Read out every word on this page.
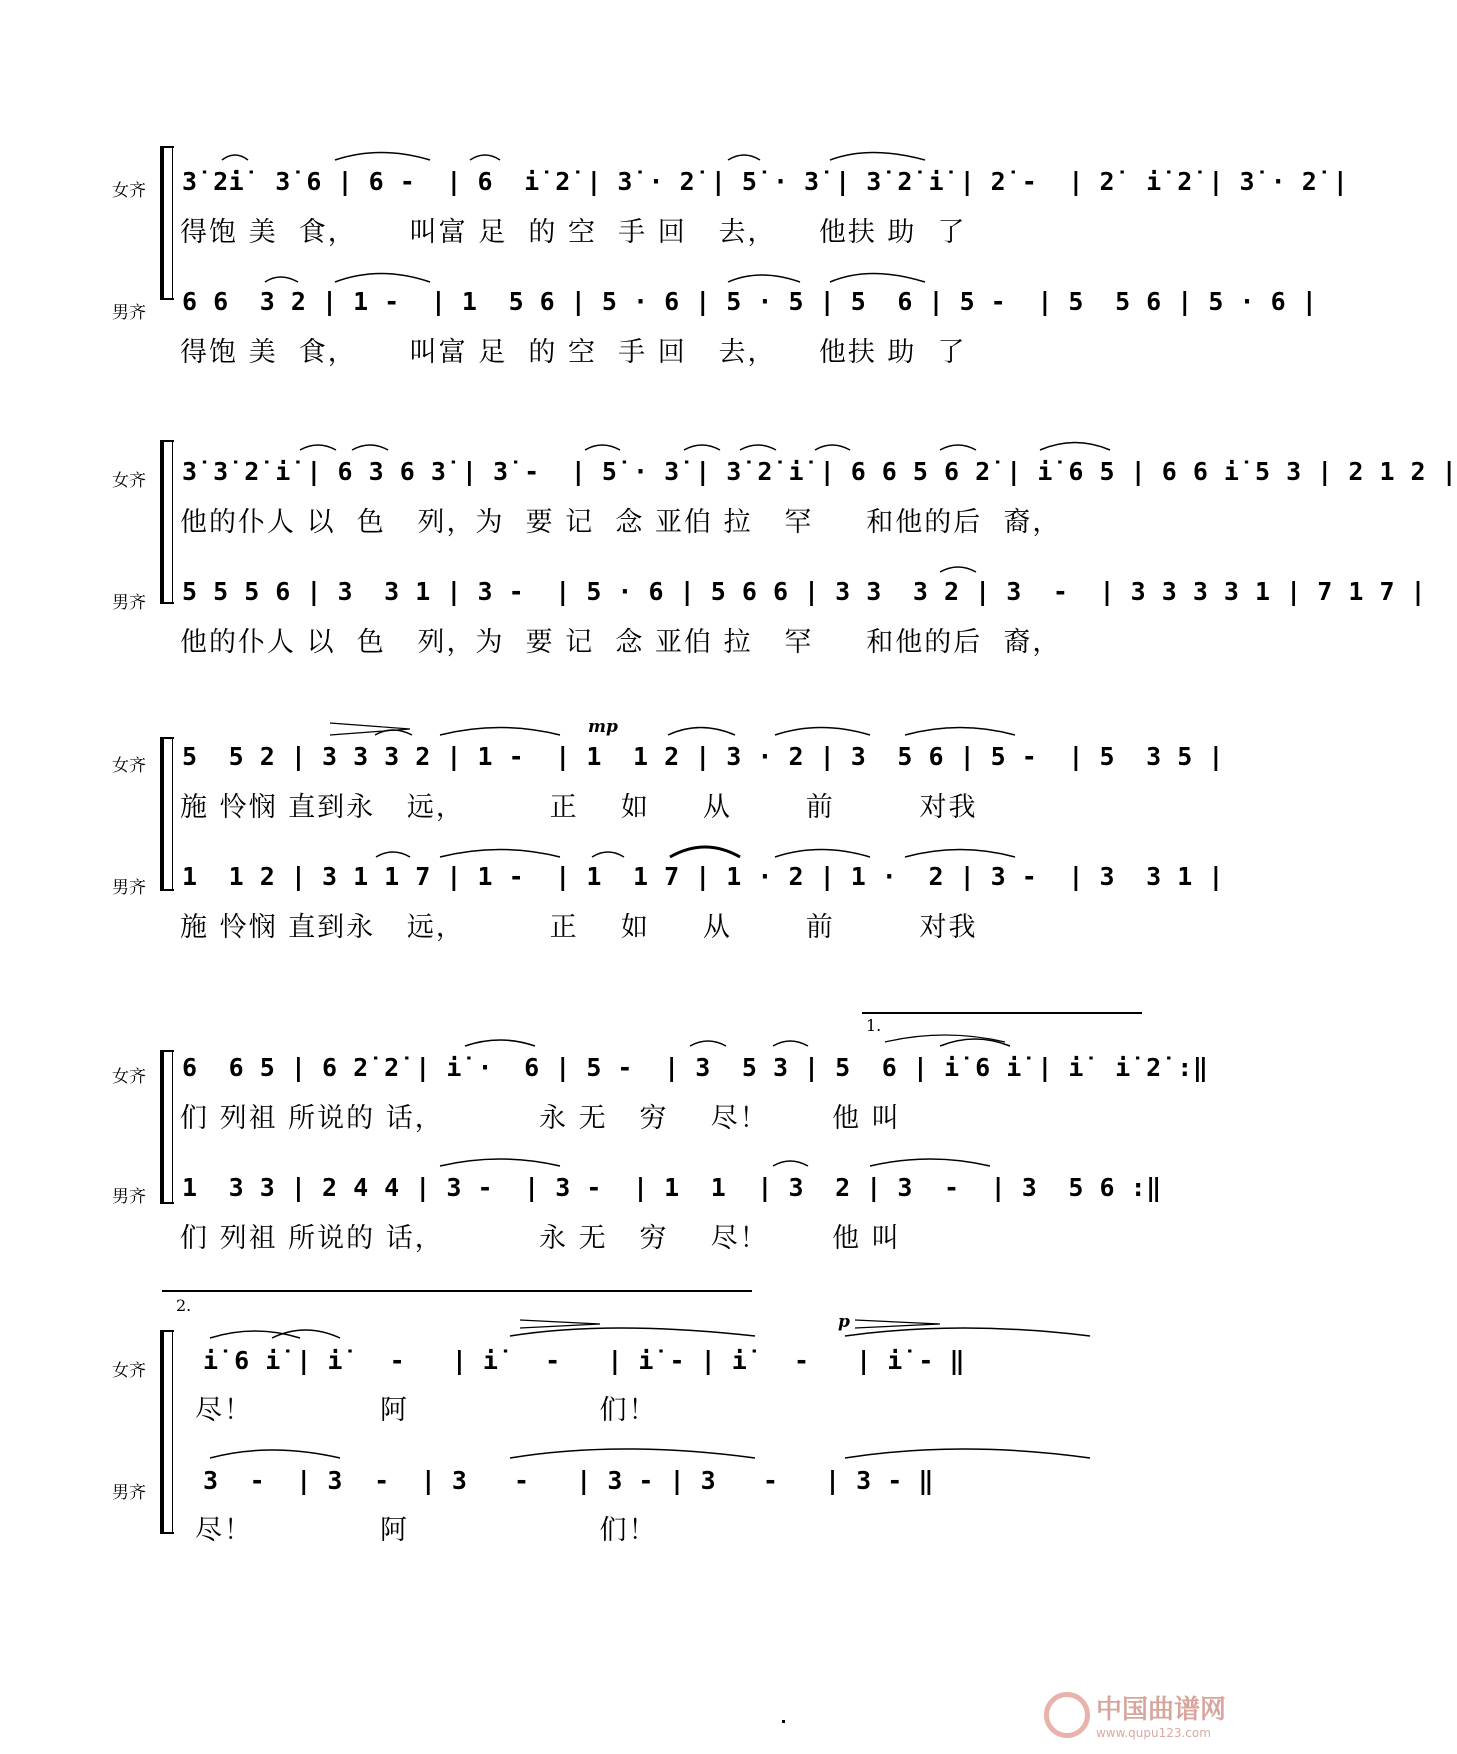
女齐 3̇ 2̇i̇  3̇ 6 | 6 -  | 6  i̇ 2̇ | 3̇ · 2̇ | 5̇ · 3̇ | 3̇ 2̇ i̇ | 2̇ -  | 2̇  i̇ 2̇ | 3̇ · 2̇ |
得饱 美  食，     叫富 足  的 空  手 回   去，    他扶 助  了
男齐 6 6  3 2 | 1 -  | 1  5 6 | 5 · 6 | 5 · 5 | 5  6 | 5 -  | 5  5 6 | 5 · 6 |
得饱 美  食，     叫富 足  的 空  手 回   去，    他扶 助  了
女齐 3̇ 3̇ 2̇ i̇ | 6 3 6 3̇ | 3̇ -  | 5̇ · 3̇ | 3̇ 2̇ i̇ | 6 6 5 6 2̇ | i̇ 6 5 | 6 6 i̇ 5 3 | 2 1 2 |
他的仆人 以  色   列，为  要 记  念 亚伯 拉   罕     和他的后  裔，
男齐 5 5 5 6 | 3  3 1 | 3 -  | 5 · 6 | 5 6 6 | 3 3  3 2 | 3  -  | 3 3 3 3 1 | 7 1 7 |
他的仆人 以  色   列，为  要 记  念 亚伯 拉   罕     和他的后  裔，
mp
女齐 5  5 2 | 3 3 3 2 | 1 -  | 1  1 2 | 3 · 2 | 3  5 6 | 5 -  | 5  3 5 |
施 怜悯 直到永   远，        正    如     从       前        对我
男齐 1  1 2 | 3 1 1 7 | 1 -  | 1  1 7 | 1 · 2 | 1 ·  2 | 3 -  | 3  3 1 |
施 怜悯 直到永   远，        正    如     从       前        对我
1.
女齐 6  6 5 | 6 2̇ 2̇ | i̇ ·  6 | 5 -  | 3  5 3 | 5  6 | i̇ 6 i̇ | i̇  i̇ 2̇ :‖
们 列祖 所说的 话，         永 无   穷    尽！      他 叫
男齐 1  3 3 | 2 4 4 | 3 -  | 3 -  | 1  1  | 3  2 | 3  -  | 3  5 6 :‖
们 列祖 所说的 话，         永 无   穷    尽！      他 叫
2.
p
女齐 i̇ 6 i̇ | i̇   -   | i̇   -   | i̇ - | i̇   -   | i̇ - ‖
尽！            阿                  们！
男齐 3  -  | 3  -  | 3   -   | 3 - | 3   -   | 3 - ‖
尽！            阿                  们！
中国曲谱网
www.qupu123.com
